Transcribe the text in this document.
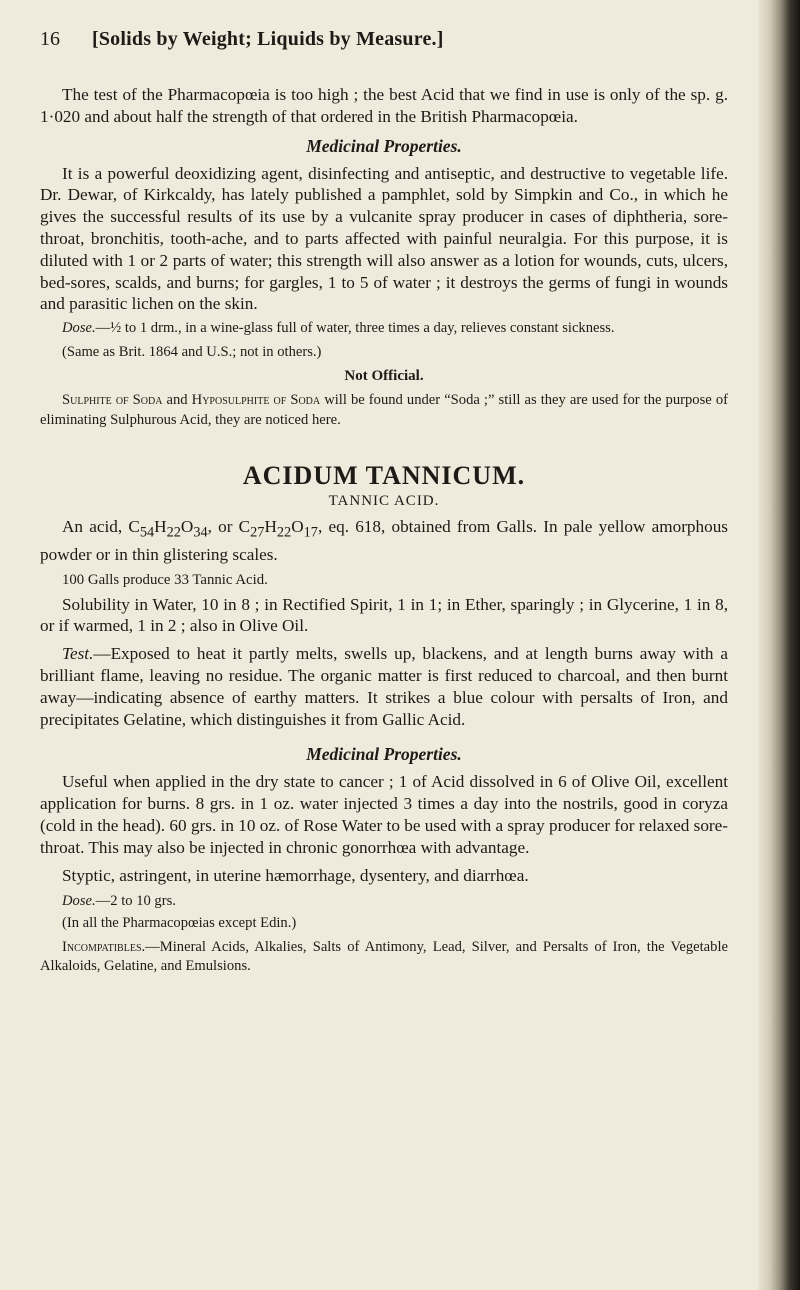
16 [Solids by Weight; Liquids by Measure.]

The test of the Pharmacopœia is too high ; the best Acid that we find in use is only of the sp. g. 1·020 and about half the strength of that ordered in the British Pharmacopœia.

Medicinal Properties.

It is a powerful deoxidizing agent, disinfecting and antiseptic, and destructive to vegetable life. Dr. Dewar, of Kirkcaldy, has lately published a pamphlet, sold by Simpkin and Co., in which he gives the successful results of its use by a vulcanite spray producer in cases of diphtheria, sore-throat, bronchitis, tooth-ache, and to parts affected with painful neuralgia. For this purpose, it is diluted with 1 or 2 parts of water; this strength will also answer as a lotion for wounds, cuts, ulcers, bed-sores, scalds, and burns; for gargles, 1 to 5 of water ; it destroys the germs of fungi in wounds and parasitic lichen on the skin.

Dose.—½ to 1 drm., in a wine-glass full of water, three times a day, relieves constant sickness.

(Same as Brit. 1864 and U.S.; not in others.)

Not Official.

Sulphite of Soda and Hyposulphite of Soda will be found under “Soda ;” still as they are used for the purpose of eliminating Sulphurous Acid, they are noticed here.

ACIDUM TANNICUM.
TANNIC ACID.

An acid, $C_{54}H_{22}O_{34}$, or $C_{27}H_{22}O_{17}$, eq. 618, obtained from Galls. In pale yellow amorphous powder or in thin glistering scales.

100 Galls produce 33 Tannic Acid.

Solubility in Water, 10 in 8 ; in Rectified Spirit, 1 in 1; in Ether, sparingly ; in Glycerine, 1 in 8, or if warmed, 1 in 2 ; also in Olive Oil.

Test.—Exposed to heat it partly melts, swells up, blackens, and at length burns away with a brilliant flame, leaving no residue. The organic matter is first reduced to charcoal, and then burnt away—indicating absence of earthy matters. It strikes a blue colour with persalts of Iron, and precipitates Gelatine, which distinguishes it from Gallic Acid.

Medicinal Properties.

Useful when applied in the dry state to cancer ; 1 of Acid dissolved in 6 of Olive Oil, excellent application for burns. 8 grs. in 1 oz. water injected 3 times a day into the nostrils, good in coryza (cold in the head). 60 grs. in 10 oz. of Rose Water to be used with a spray producer for relaxed sore-throat. This may also be injected in chronic gonorrhœa with advantage.

Styptic, astringent, in uterine hæmorrhage, dysentery, and diarrhœa.

Dose.—2 to 10 grs.

(In all the Pharmacopœias except Edin.)

Incompatibles.—Mineral Acids, Alkalies, Salts of Antimony, Lead, Silver, and Persalts of Iron, the Vegetable Alkaloids, Gelatine, and Emulsions.
